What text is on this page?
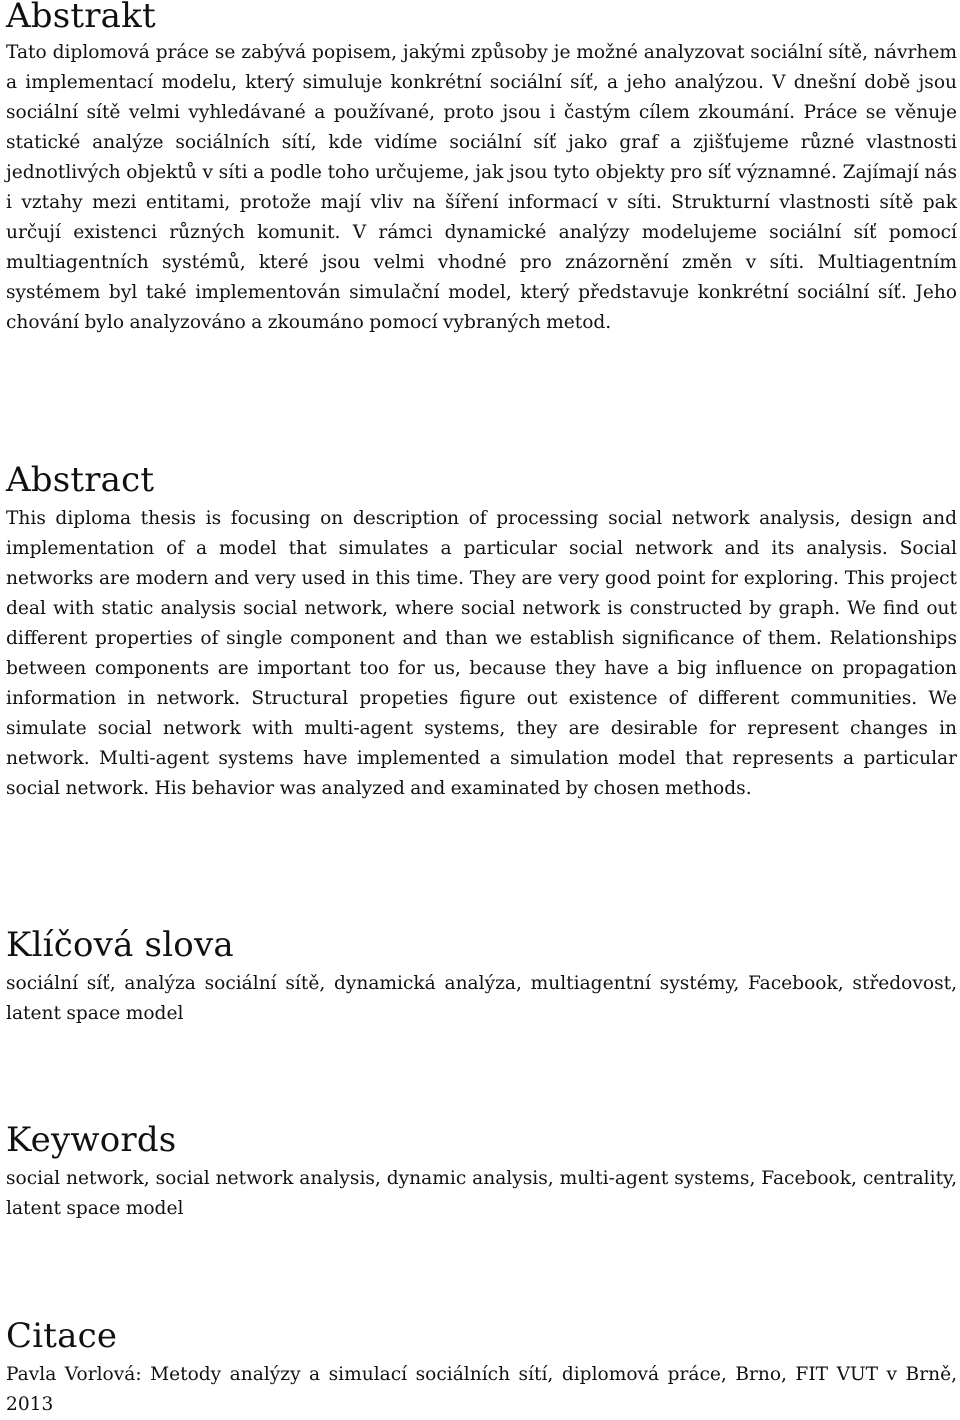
Abstrakt

Tato diplomová práce se zabývá popisem, jakými způsoby je možné analyzovat sociální sítě, návrhem a implementací modelu, který simuluje konkrétní sociální síť, a jeho analýzou. V dnešní době jsou sociální sítě velmi vyhledávané a používané, proto jsou i častým cílem zkoumání. Práce se věnuje statické analýze sociálních sítí, kde vidíme sociální síť jako graf a zjišťujeme různé vlastnosti jednotlivých objektů v síti a podle toho určujeme, jak jsou tyto objekty pro síť významné. Zajímají nás i vztahy mezi entitami, protože mají vliv na šíření informací v síti. Strukturní vlastnosti sítě pak určují existenci různých komunit. V rámci dynamické analýzy modelujeme sociální síť pomocí multiagentních systémů, které jsou velmi vhodné pro znázornění změn v síti. Multiagentním systémem byl také implementován simulační model, který představuje konkrétní sociální síť. Jeho chování bylo analyzováno a zkoumáno pomocí vybraných metod.

Abstract

This diploma thesis is focusing on description of processing social network analysis, design and implementation of a model that simulates a particular social network and its analysis. Social networks are modern and very used in this time. They are very good point for exploring. This project deal with static analysis social network, where social network is constructed by graph. We find out different properties of single component and than we establish significance of them. Relationships between components are important too for us, because they have a big influence on propagation information in network. Structural propeties figure out existence of different communities. We simulate social network with multi-agent systems, they are desirable for represent changes in network. Multi-agent systems have implemented a simulation model that represents a particular social network. His behavior was analyzed and examinated by chosen methods.

Klíčová slova

sociální síť, analýza sociální sítě, dynamická analýza, multiagentní systémy, Facebook, středovost, latent space model

Keywords

social network, social network analysis, dynamic analysis, multi-agent systems, Facebook, centrality, latent space model

Citace

Pavla Vorlová: Metody analýzy a simulací sociálních sítí, diplomová práce, Brno, FIT VUT v Brně, 2013
